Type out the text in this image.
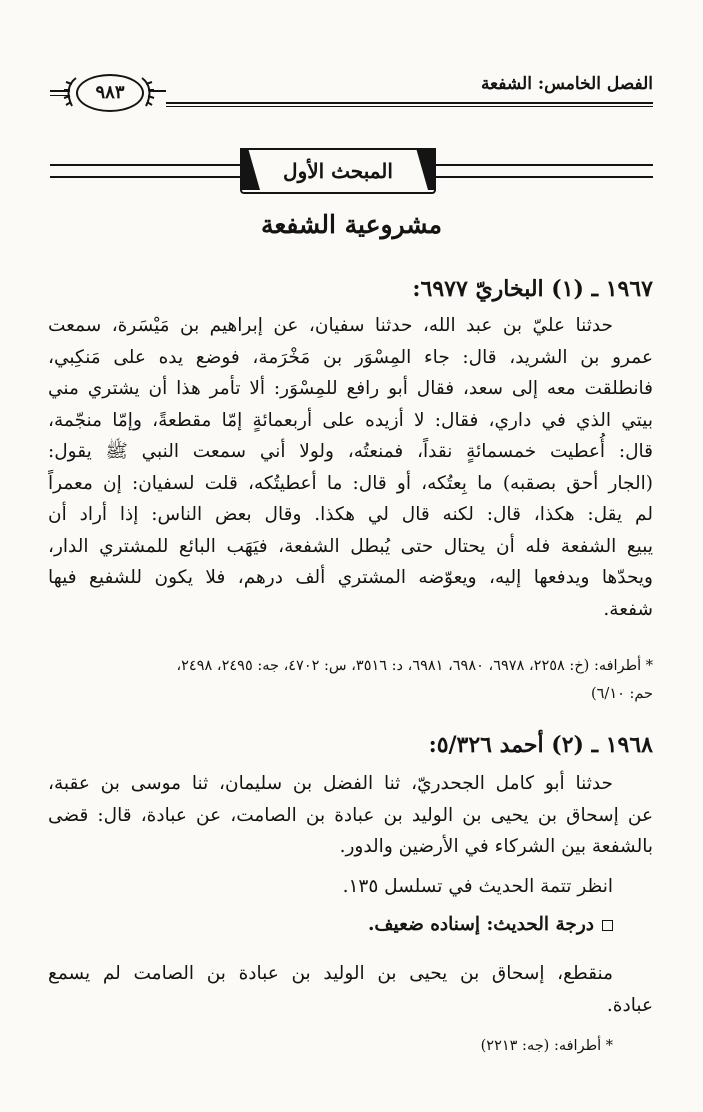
الفصل الخامس: الشفعة
٩٨٣
المبحث الأول
مشروعية الشفعة
١٩٦٧ ـ (١) البخاريّ ٦٩٧٧:
حدثنا عليّ بن عبد الله، حدثنا سفيان، عن إبراهيم بن مَيْسَرة، سمعت
عمرو بن الشريد، قال: جاء المِسْوَر بن مَخْرَمة، فوضع يده على مَنكِبي،
فانطلقت معه إلى سعد، فقال أبو رافع للمِسْوَر: ألا تأمر هذا أن يشتري مني
بيتي الذي في داري، فقال: لا أزيده على أربعمائةٍ إمّا مقطعةً، وإمّا منجّمة،
قال: أُعطيت خمسمائةٍ نقداً، فمنعتُه، ولولا أني سمعت النبي ﷺ يقول:
(الجار أحق بصقبه) ما بِعتُكه، أو قال: ما أعطيتُكه، قلت لسفيان: إن معمراً
لم يقل: هكذا، قال: لكنه قال لي هكذا. وقال بعض الناس: إذا أراد أن
يبيع الشفعة فله أن يحتال حتى يُبطل الشفعة، فيَهَب البائع للمشتري الدار،
ويحدّها ويدفعها إليه، ويعوّضه المشتري ألف درهم، فلا يكون للشفيع فيها
شفعة.
* أطرافه: (خ: ٢٢٥٨، ٦٩٧٨، ٦٩٨٠، ٦٩٨١، د: ٣٥١٦، س: ٤٧٠٢، جه: ٢٤٩٥، ٢٤٩٨،
حم: ٦/١٠)
١٩٦٨ ـ (٢) أحمد ٥/٣٢٦:
حدثنا أبو كامل الجحدريّ، ثنا الفضل بن سليمان، ثنا موسى بن عقبة،
عن إسحاق بن يحيى بن الوليد بن عبادة بن الصامت، عن عبادة، قال: قضى
بالشفعة بين الشركاء في الأرضين والدور.
انظر تتمة الحديث في تسلسل ١٣٥.
درجة الحديث: إسناده ضعيف.
منقطع، إسحاق بن يحيى بن الوليد بن عبادة بن الصامت لم يسمع
عبادة.
* أطرافه: (جه: ٢٢١٣)
